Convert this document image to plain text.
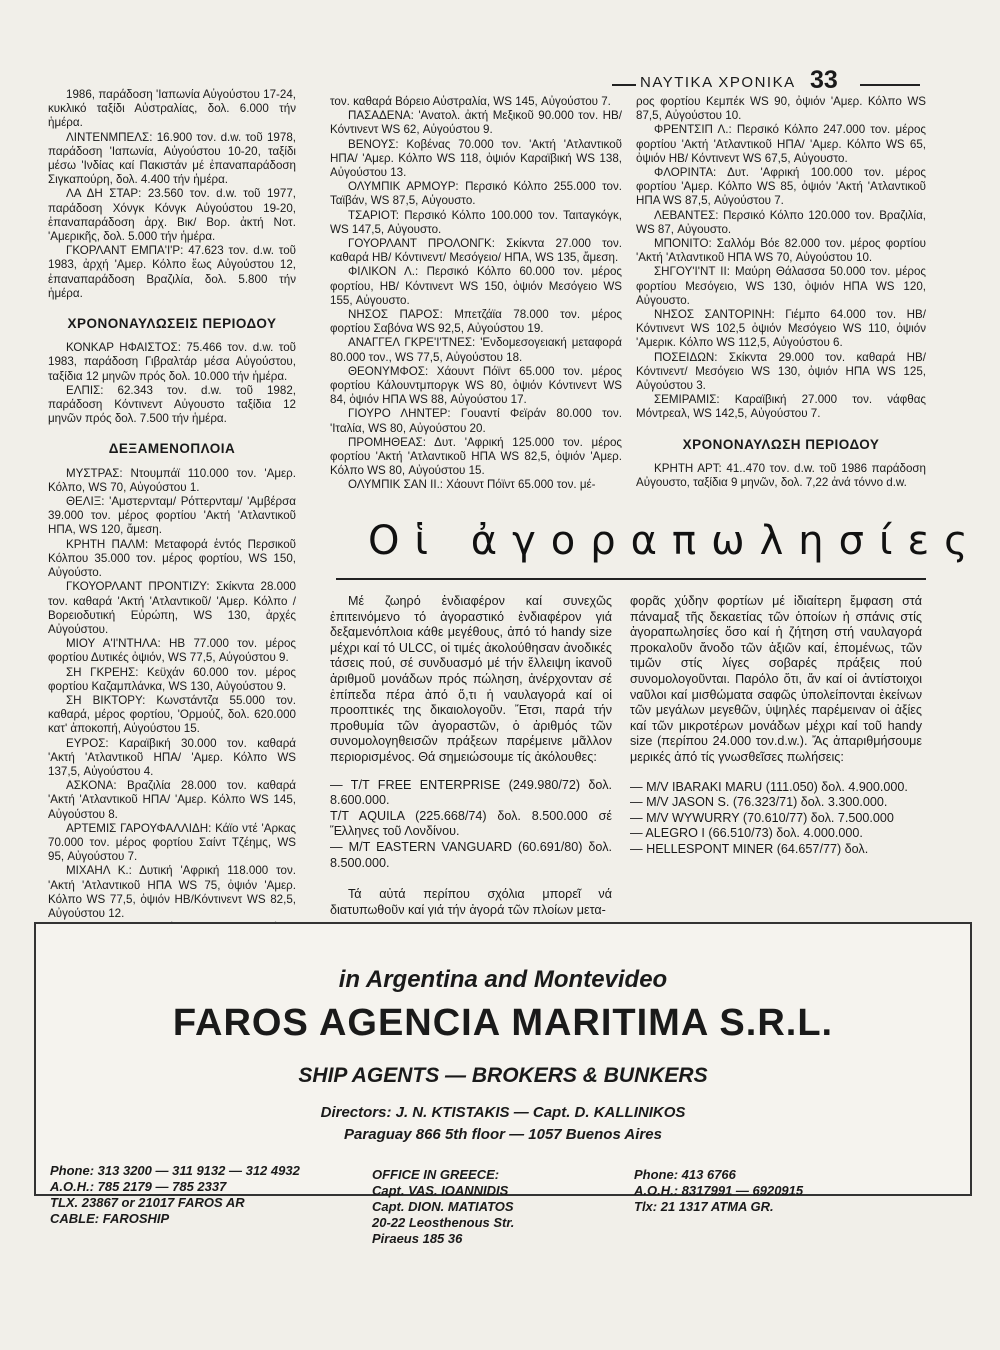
ΝΑΥΤΙΚΑ ΧΡΟΝΙΚΑ 33

1986, παράδοση 'Ιαπωνία Αὐγούστου 17-24, κυκλικό ταξίδι Αὐστραλίας, δολ. 6.000 τήν ἡμέρα.

ΛΙΝΤΕΝΜΠΕΛΣ: 16.900 τον. d.w. τοῦ 1978, παράδοση 'Ιαπωνία, Αὐγούστου 10-20, ταξίδι μέσω 'Ινδίας καί Πακιστάν μέ ἐπαναπαράδοση Σιγκαπούρη, δολ. 4.400 τήν ἡμέρα.

ΛΑ ΔΗ ΣΤΑΡ: 23.560 τον. d.w. τοῦ 1977, παράδοση Χόνγκ Κόνγκ Αὐγούστου 19-20, ἐπαναπαράδοση ἀρχ. Βικ/ Βορ. ἀκτή Νοτ. 'Αμερικῆς, δολ. 5.000 τήν ἡμέρα.

ΓΚΟΡΛΑΝΤ ΕΜΠΑ'Ι'Ρ: 47.623 τον. d.w. τοῦ 1983, ἀρχή 'Αμερ. Κόλπο ἕως Αὐγούστου 12, ἐπαναπαράδοση Βραζιλία, δολ. 5.800 τήν ἡμέρα.

ΧΡΟΝΟΝΑΥΛΩΣΕΙΣ ΠΕΡΙΟΔΟΥ

ΚΟΝΚΑΡ ΗΦΑΙΣΤΟΣ: 75.466 τον. d.w. τοῦ 1983, παράδοση Γιβραλτάρ μέσα Αὐγούστου, ταξίδια 12 μηνῶν πρός δολ. 10.000 τήν ἡμέρα.

ΕΛΠΙΣ: 62.343 τον. d.w. τοῦ 1982, παράδοση Κόντινεντ Αὐγουστο ταξίδια 12 μηνῶν πρός δολ. 7.500 τήν ἡμέρα.

ΔΕΞΑΜΕΝΟΠΛΟΙΑ

ΜΥΣΤΡΑΣ: Ντουμπάϊ 110.000 τον. 'Αμερ. Κόλπο, WS 70, Αὐγούστου 1.

ΘΕΛΙΞ: 'Αμστερνταμ/ Ρόττερνταμ/ 'Αμβέρσα 39.000 τον. μέρος φορτίου 'Ακτή 'Ατλαντικοῦ ΗΠΑ, WS 120, ἄμεση.

ΚΡΗΤΗ ΠΑΛΜ: Μεταφορά ἐντός Περσικοῦ Κόλπου 35.000 τον. μέρος φορτίου, WS 150, Αὐγούστο.

ΓΚΟΥΟΡΛΑΝΤ ΠΡΟΝΤΙΖΥ: Σκίκντα 28.000 τον. καθαρά 'Ακτή 'Ατλαντικοῦ/ 'Αμερ. Κόλπο / Βορειοδυτική Εὐρώπη, WS 130, ἀρχές Αὐγούστου.

ΜΙΟΥ Α'Ι'ΝΤΗΛΑ: ΗΒ 77.000 τον. μέρος φορτίου Δυτικές ὀψιόν, WS 77,5, Αὐγούστου 9.

ΣΗ ΓΚΡΕΗΣ: Κεϋχάν 60.000 τον. μέρος φορτίου Καζαμπλάνκα, WS 130, Αὐγούστου 9.

ΣΗ ΒΙΚΤΟΡΥ: Κωνστάντζα 55.000 τον. καθαρά, μέρος φορτίου, 'Ορμούζ, δολ. 620.000 κατ' ἀποκοπή, Αὐγούστου 15.

ΕΥΡΟΣ: Καραϊβική 30.000 τον. καθαρά 'Ακτή 'Ατλαντικοῦ ΗΠΑ/ 'Αμερ. Κόλπο WS 137,5, Αὐγούστου 4.

ΑΣΚΟΝΑ: Βραζιλία 28.000 τον. καθαρά 'Ακτή 'Ατλαντικοῦ ΗΠΑ/ 'Αμερ. Κόλπο WS 145, Αὐγούστου 8.

ΑΡΤΕΜΙΣ ΓΑΡΟΥΦΑΛΛΙΔΗ: Κάϊο ντέ 'Αρκας 70.000 τον. μέρος φορτίου Σαίντ Τζέημς, WS 95, Αὐγούστου 7.

ΜΙΧΑΗΛ Κ.: Δυτική 'Αφρική 118.000 τον. 'Ακτή 'Ατλαντικοῦ ΗΠΑ WS 75, ὀψιόν 'Αμερ. Κόλπο WS 77,5, ὀψιόν ΗΒ/Κόντινεντ WS 82,5, Αὐγούστου 12.

τον. καθαρά Βόρειο Αὐστραλία, WS 145, Αὐγούστου 7.

ΠΑΣΑΔΕΝΑ: 'Ανατολ. ἀκτή Μεξικοῦ 90.000 τον. ΗΒ/ Κόντινεντ WS 62, Αὐγούστου 9.

ΒΕΝΟΥΣ: Κοβένας 70.000 τον. 'Ακτή 'Ατλαντικοῦ ΗΠΑ/ 'Αμερ. Κόλπο WS 118, ὀψιόν Καραϊβική WS 138, Αὐγούστου 13.

ΟΛΥΜΠΙΚ ΑΡΜΟΥΡ: Περσικό Κόλπο 255.000 τον. Ταϊβάν, WS 87,5, Αὐγουστο.

ΤΣΑΡΙΟΤ: Περσικό Κόλπο 100.000 τον. Ταιταγκόγκ, WS 147,5, Αὐγουστο.

ΓΟΥΟΡΛΑΝΤ ΠΡΟΛΟΝΓΚ: Σκίκντα 27.000 τον. καθαρά ΗΒ/ Κόντινεντ/ Μεσόγειο/ ΗΠΑ, WS 135, ἄμεση.

ΦΙΛΙΚΟΝ Λ.: Περσικό Κόλπο 60.000 τον. μέρος φορτίου, ΗΒ/ Κόντινεντ WS 150, ὀψιόν Μεσόγειο WS 155, Αὐγουστο.

ΝΗΣΟΣ ΠΑΡΟΣ: Μπετζάϊα 78.000 τον. μέρος φορτίου Σαβόνα WS 92,5, Αὐγούστου 19.

ΑΝΑΓΓΕΛ ΓΚΡΕ'Ι'ΤΝΕΣ: 'Ενδομεσογειακή μεταφορά 80.000 τον., WS 77,5, Αὐγούστου 18.

ΘΕΟΝΥΜΦΟΣ: Χάουντ Πόϊντ 65.000 τον. μέρος φορτίου Κάλουντμποργκ WS 80, ὀψιόν Κόντινεντ WS 84, ὀψιόν ΗΠΑ WS 88, Αὐγούστου 17.

ΓΙΟΥΡΟ ΛΗΝΤΕΡ: Γουαντί Φεϊράν 80.000 τον. 'Ιταλία, WS 80, Αὐγούστου 20.

ΠΡΟΜΗΘΕΑΣ: Δυτ. 'Αφρική 125.000 τον. μέρος φορτίου 'Ακτή 'Ατλαντικοῦ ΗΠΑ WS 82,5, ὀψιόν 'Αμερ. Κόλπο WS 80, Αὐγούστου 15.

ΟΛΥΜΠΙΚ ΣΑΝ ΙΙ.: Χάουντ Πόϊντ 65.000 τον. μέ-

ρος φορτίου Κεμπέκ WS 90, ὀψιόν 'Αμερ. Κόλπο WS 87,5, Αὐγούστου 10.

ΦΡΕΝΤΣΙΠ Λ.: Περσικό Κόλπο 247.000 τον. μέρος φορτίου 'Ακτή 'Ατλαντικοῦ ΗΠΑ/ 'Αμερ. Κόλπο WS 65, ὀψιόν ΗΒ/ Κόντινεντ WS 67,5, Αὐγουστο.

ΦΛΟΡΙΝΤΑ: Δυτ. 'Αφρική 100.000 τον. μέρος φορτίου 'Αμερ. Κόλπο WS 85, ὀψιόν 'Ακτή 'Ατλαντικοῦ ΗΠΑ WS 87,5, Αὐγούστου 7.

ΛΕΒΑΝΤΕΣ: Περσικό Κόλπο 120.000 τον. Βραζιλία, WS 87, Αὐγουστο.

ΜΠΟΝΙΤΟ: Σαλλόμ Βόε 82.000 τον. μέρος φορτίου 'Ακτή 'Ατλαντικοῦ ΗΠΑ WS 70, Αὐγούστου 10.

ΣΗΓΟΥ'Ι'ΝΤ ΙΙ: Μαύρη Θάλασσα 50.000 τον. μέρος φορτίου Μεσόγειο, WS 130, ὀψιόν ΗΠΑ WS 120, Αὐγουστο.

ΝΗΣΟΣ ΣΑΝΤΟΡΙΝΗ: Γιέμπο 64.000 τον. ΗΒ/Κόντινεντ WS 102,5 ὀψιόν Μεσόγειο WS 110, ὀψιόν 'Αμερικ. Κόλπο WS 112,5, Αὐγούστου 6.

ΠΟΣΕΙΔΩΝ: Σκίκντα 29.000 τον. καθαρά ΗΒ/ Κόντινεντ/ Μεσόγειο WS 130, ὀψιόν ΗΠΑ WS 125, Αὐγούστου 3.

ΣΕΜΙΡΑΜΙΣ: Καραϊβική 27.000 τον. νάφθας Μόντρεαλ, WS 142,5, Αὐγούστου 7.

ΧΡΟΝΟΝΑΥΛΩΣΗ ΠΕΡΙΟΔΟΥ

ΚΡΗΤΗ ΑΡΤ: 41..470 τον. d.w. τοῦ 1986 παράδοση Αὐγουστο, ταξίδια 9 μηνῶν, δολ. 7,22 ἀνά τόννο d.w.

Οἱ ἀγοραπωλησίες

Μέ ζωηρό ἐνδιαφέρον καί συνεχῶς ἐπιτεινόμενο τό ἀγοραστικό ἐνδιαφέρον γιά δεξαμενόπλοια κάθε μεγέθους, ἀπό τό handy size μέχρι καί τό ULCC, οἱ τιμές ἀκολούθησαν ἀνοδικές τάσεις πού, σέ συνδυασμό μέ τήν ἔλλειψη ἱκανοῦ ἀριθμοῦ μονάδων πρός πώληση, ἀνέρχονταν σέ ἐπίπεδα πέρα ἀπό ὅ,τι ἡ ναυλαγορά καί οἱ προοπτικές της δικαιολογοῦν. Ἔτσι, παρά τήν προθυμία τῶν ἀγοραστῶν, ὁ ἀριθμός τῶν συνομολογηθεισῶν πράξεων παρέμεινε μᾶλλον περιορισμένος. Θά σημειώσουμε τίς ἀκόλουθες:

— T/T FREE ENTERPRISE (249.980/72) δολ. 8.600.000.

T/T AQUILA (225.668/74) δολ. 8.500.000 σέ Ἕλληνες τοῦ Λονδίνου.

— M/T EASTERN VANGUARD (60.691/80) δολ. 8.500.000.

Τά αὐτά περίπου σχόλια μπορεῖ νά διατυπωθοῦν καί γιά τήν ἀγορά τῶν πλοίων μετα-

φορᾶς χύδην φορτίων μέ ἰδιαίτερη ἔμφαση στά πάναμαξ τῆς δεκαετίας τῶν ὁποίων ἡ σπάνις στίς ἀγοραπωλησίες ὅσο καί ἡ ζήτηση στή ναυλαγορά προκαλοῦν ἄνοδο τῶν ἀξιῶν καί, ἑπομένως, τῶν τιμῶν στίς λίγες σοβαρές πράξεις πού συνομολογοῦνται. Παρόλο ὅτι, ἄν καί οἱ ἀντίστοιχοι ναῦλοι καί μισθώματα σαφῶς ὑπολείπονται ἐκείνων τῶν μεγάλων μεγεθῶν, ὑψηλές παρέμειναν οἱ ἀξίες καί τῶν μικροτέρων μονάδων μέχρι καί τοῦ handy size (περίπου 24.000 τον.d.w.). Ἄς ἀπαριθμήσουμε μερικές ἀπό τίς γνωσθεῖσες πωλήσεις:

— M/V IBARAKI MARU (111.050) δολ. 4.900.000.

— M/V JASON S. (76.323/71) δολ. 3.300.000.

— M/V WYWURRY (70.610/77) δολ. 7.500.000

— ALEGRO I (66.510/73) δολ. 4.000.000.

— HELLESPONT MINER (64.657/77) δολ.

in Argentina and Montevideo
FAROS AGENCIA MARITIMA S.R.L.
SHIP AGENTS — BROKERS & BUNKERS
Directors: J. N. KTISTAKIS — Capt. D. KALLINIKOS
Paraguay 866 5th floor — 1057 Buenos Aires
Phone: 313 3200 — 311 9132 — 312 4932
A.O.H.: 785 2179 — 785 2337
TLX. 23867 or 21017 FAROS AR
CABLE: FAROSHIP
OFFICE IN GREECE:
Capt. VAS. IOANNIDIS
Capt. DION. MATIATOS
20-22 Leosthenous Str.
Piraeus 185 36
Phone: 413 6766
A.O.H.: 8317991 — 6920915
Tlx: 21 1317 ATMA GR.
